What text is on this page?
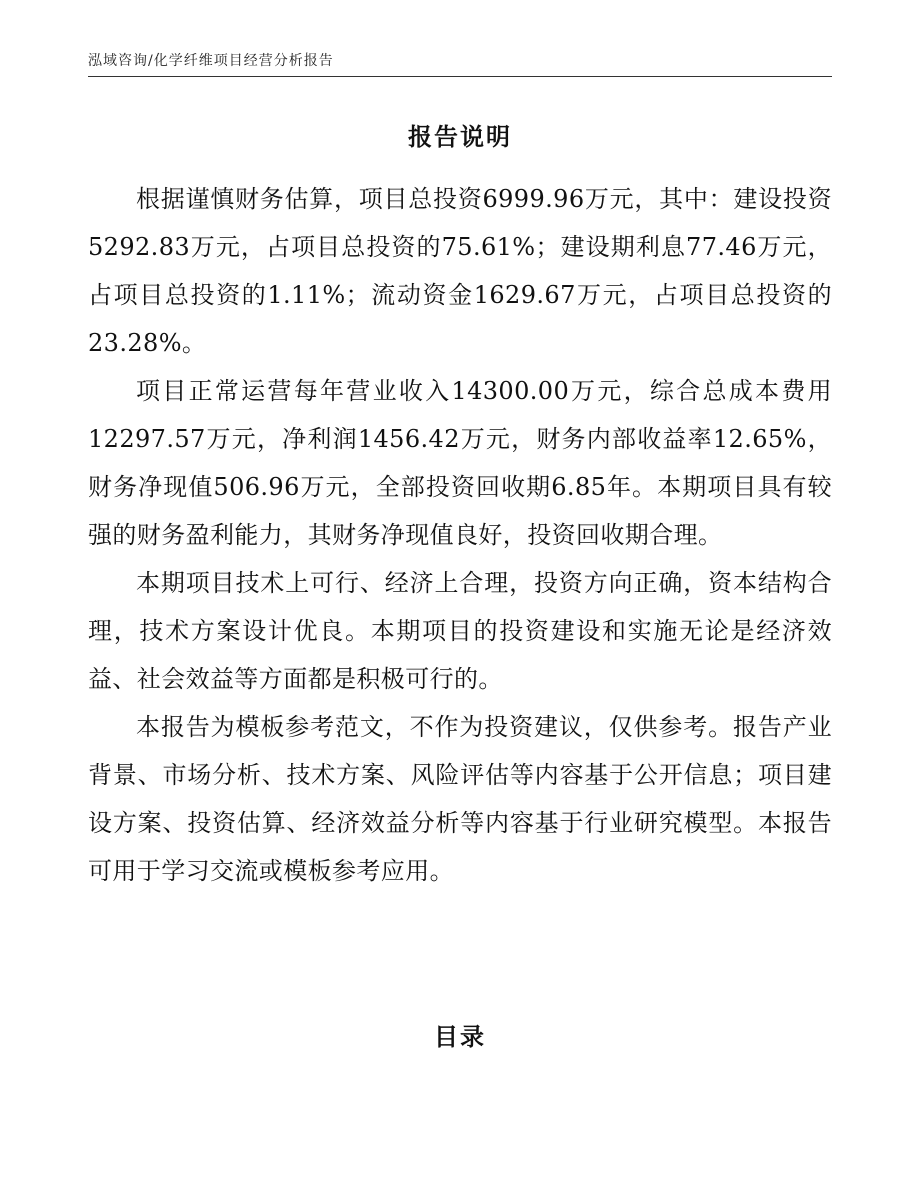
泓域咨询/化学纤维项目经营分析报告
报告说明

根据谨慎财务估算，项目总投资6999.96万元，其中：建设投资5292.83万元，占项目总投资的75.61%；建设期利息77.46万元，占项目总投资的1.11%；流动资金1629.67万元，占项目总投资的23.28%。

项目正常运营每年营业收入14300.00万元，综合总成本费用12297.57万元，净利润1456.42万元，财务内部收益率12.65%，财务净现值506.96万元，全部投资回收期6.85年。本期项目具有较强的财务盈利能力，其财务净现值良好，投资回收期合理。

本期项目技术上可行、经济上合理，投资方向正确，资本结构合理，技术方案设计优良。本期项目的投资建设和实施无论是经济效益、社会效益等方面都是积极可行的。

本报告为模板参考范文，不作为投资建议，仅供参考。报告产业背景、市场分析、技术方案、风险评估等内容基于公开信息；项目建设方案、投资估算、经济效益分析等内容基于行业研究模型。本报告可用于学习交流或模板参考应用。

目录
